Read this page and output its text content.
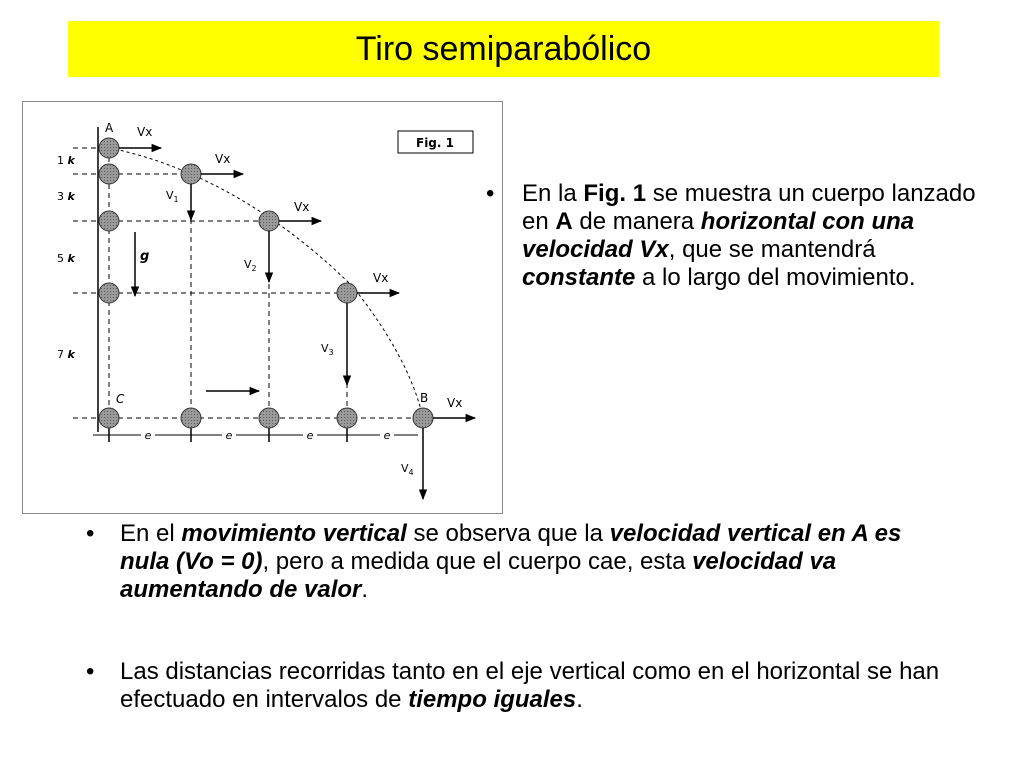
Tiro semiparabólico
e	e	e	e
Vx
Vx
Vx
Vx
Vx
$V_1$
$V_2$
$V_3$
$V_4$
g
A
B
C
1 k
3 k
5 k
7 k
Fig. 1
• En la Fig. 1 se muestra un cuerpo lanzado en A de manera horizontal con una velocidad Vx, que se mantendrá constante a lo largo del movimiento.
• En el movimiento vertical se observa que la velocidad vertical en A es nula (Vo = 0), pero a medida que el cuerpo cae, esta velocidad va aumentando de valor.
• Las distancias recorridas tanto en el eje vertical como en el horizontal se han efectuado en intervalos de tiempo iguales.
